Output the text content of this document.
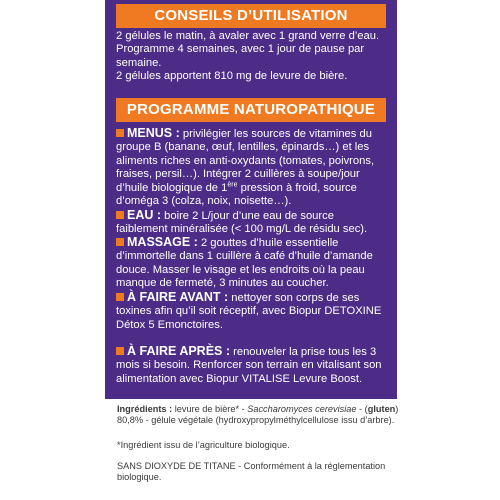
CONSEILS D’UTILISATION
2 gélules le matin, à avaler avec 1 grand verre d’eau. Programme 4 semaines, avec 1 jour de pause par semaine.
2 gélules apportent 810 mg de levure de bière.
PROGRAMME NATUROPATHIQUE
MENUS : privilégier les sources de vitamines du groupe B (banane, œuf, lentilles, épinards…) et les aliments riches en anti-oxydants (tomates, poivrons, fraises, persil…). Intégrer 2 cuillères à soupe/jour d’huile biologique de 1ère pression à froid, source d’oméga 3 (colza, noix, noisette…).
EAU : boire 2 L/jour d’une eau de source faiblement minéralisée (< 100 mg/L de résidu sec).
MASSAGE : 2 gouttes d’huile essentielle d’immortelle dans 1 cuillère à café d’huile d’amande douce. Masser le visage et les endroits où la peau manque de fermeté, 3 minutes au coucher.
À FAIRE AVANT : nettoyer son corps de ses toxines afin qu’il soit réceptif, avec Biopur DETOXINE Détox 5 Emonctoires.
À FAIRE APRÈS : renouveler la prise tous les 3 mois si besoin. Renforcer son terrain en vitalisant son alimentation avec Biopur VITALISE Levure Boost.
Ingrédients : levure de bière* - Saccharomyces cerevisiae - (gluten) 80,8% - gélule végétale (hydroxypropylméthylcellulose issu d’arbre).
*Ingrédient issu de l’agriculture biologique.
SANS DIOXYDE DE TITANE - Conformément à la réglementation biologique.
